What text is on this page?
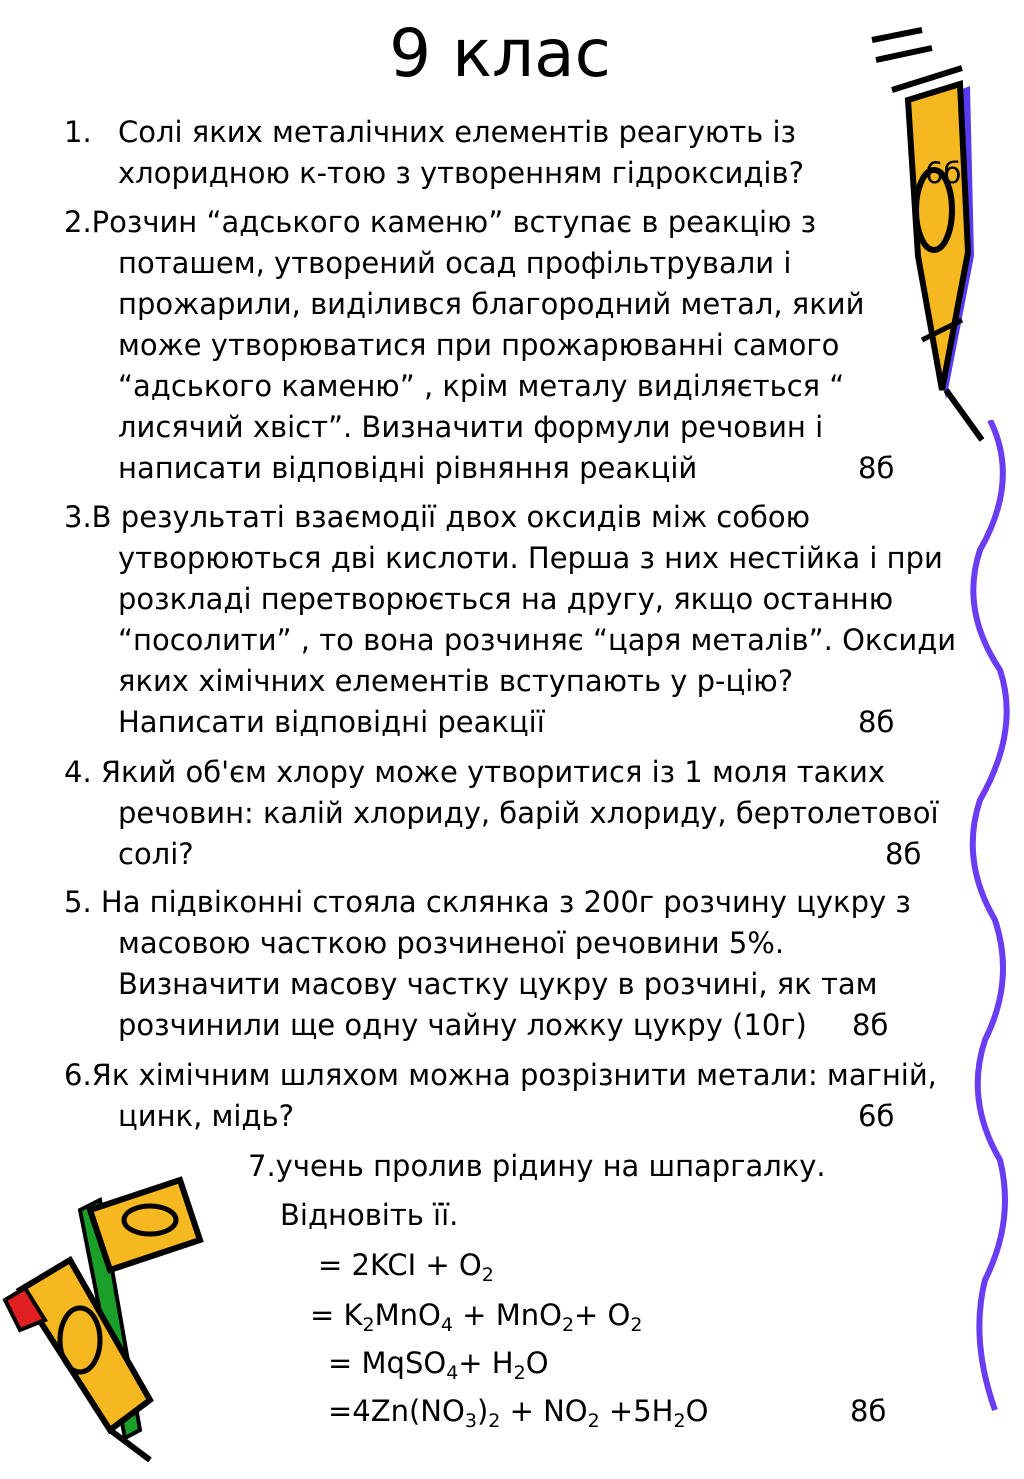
9 клас
1. Солі яких металічних елементів реагують із
хлоридною к-тою з утворенням гідроксидів?	6б
2.Розчин “адського каменю” вступає в реакцію з
поташем, утворений осад профільтрували і
прожарили, виділився благородний метал, який
може утворюватися при прожарюванні самого
“адського каменю” , крім металу виділяється “
лисячий хвіст”. Визначити формули речовин і
написати відповідні рівняння реакцій	8б
3.В результаті взаємодії двох оксидів між собою
утворюються дві кислоти. Перша з них нестійка і при
розкладі перетворюється на другу, якщо останню
“посолити” , то вона розчиняє “царя металів”. Оксиди
яких хімічних елементів вступають у р-цію?
Написати відповідні реакції	8б
4. Який об'єм хлору може утворитися із 1 моля таких
речовин: калій хлориду, барій хлориду, бертолетової
солі?	8б
5. На підвіконні стояла склянка з 200г розчину цукру з
масовою часткою розчиненої речовини 5%.
Визначити масову частку цукру в розчині, як там
розчинили ще одну чайну ложку цукру (10г)	8б
6.Як хімічним шляхом можна розрізнити метали: магній,
цинк, мідь?	6б
7.учень пролив рідину на шпаргалку.
Відновіть її.
= $2KCI + O_2$
= $K_2MnO_4 + MnO_2+ O_2$
= MqSO$_4$+ $H_2O$
$=4Zn(NO_3)_2 + NO_2 +5H_2O$	8б
